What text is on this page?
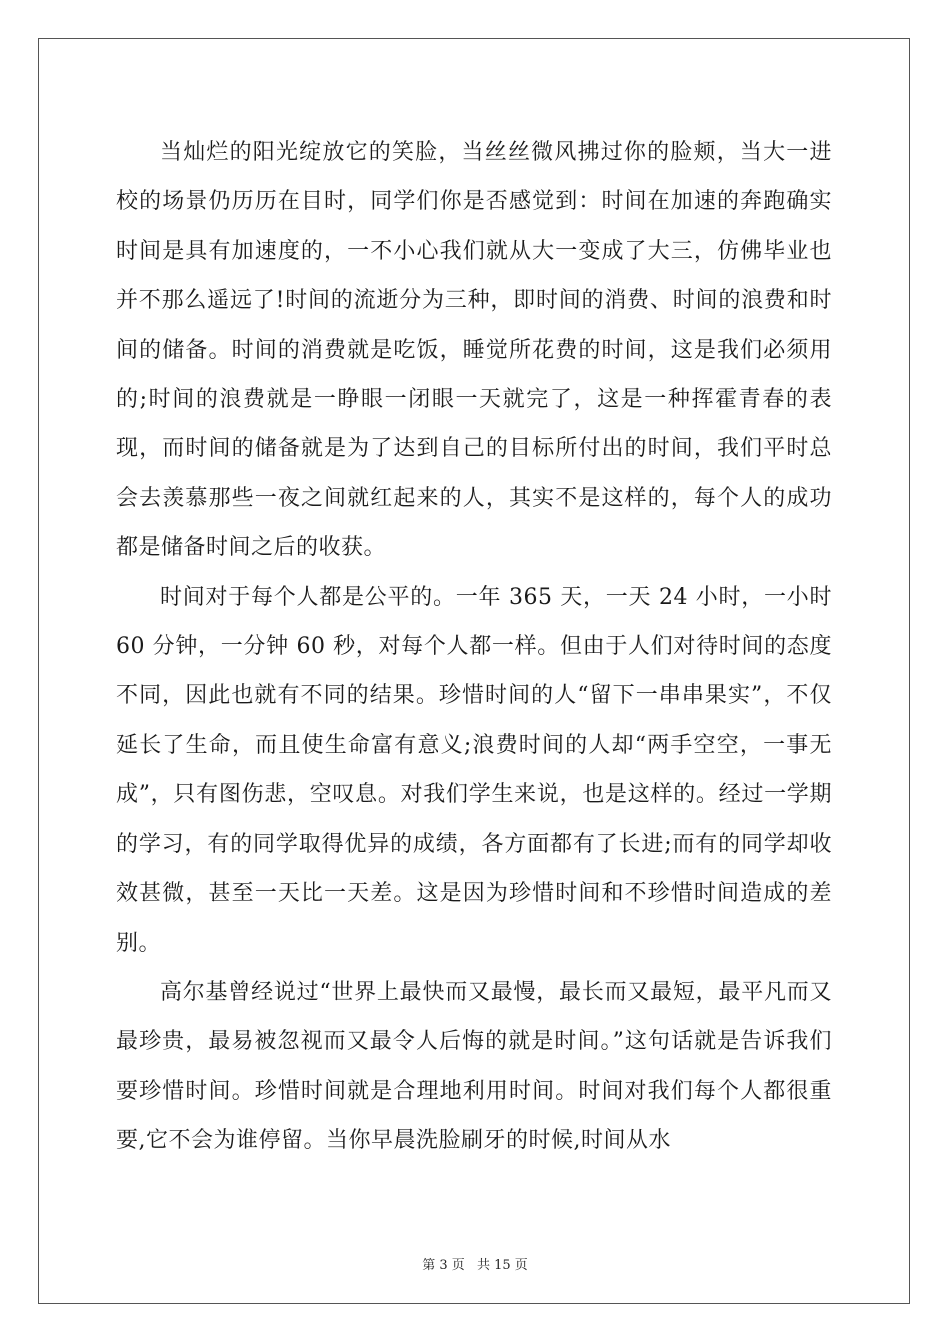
当灿烂的阳光绽放它的笑脸，当丝丝微风拂过你的脸颊，当大一进校的场景仍历历在目时，同学们你是否感觉到：时间在加速的奔跑确实时间是具有加速度的，一不小心我们就从大一变成了大三，仿佛毕业也并不那么遥远了!时间的流逝分为三种，即时间的消费、时间的浪费和时间的储备。时间的消费就是吃饭，睡觉所花费的时间，这是我们必须用的;时间的浪费就是一睁眼一闭眼一天就完了，这是一种挥霍青春的表现，而时间的储备就是为了达到自己的目标所付出的时间，我们平时总会去羡慕那些一夜之间就红起来的人，其实不是这样的，每个人的成功都是储备时间之后的收获。

时间对于每个人都是公平的。一年 365 天，一天 24 小时，一小时 60 分钟，一分钟 60 秒，对每个人都一样。但由于人们对待时间的态度不同，因此也就有不同的结果。珍惜时间的人“留下一串串果实”，不仅延长了生命，而且使生命富有意义;浪费时间的人却“两手空空，一事无成”，只有图伤悲，空叹息。对我们学生来说，也是这样的。经过一学期的学习，有的同学取得优异的成绩，各方面都有了长进;而有的同学却收效甚微，甚至一天比一天差。这是因为珍惜时间和不珍惜时间造成的差别。

高尔基曾经说过“世界上最快而又最慢，最长而又最短，最平凡而又最珍贵，最易被忽视而又最令人后悔的就是时间。”这句话就是告诉我们要珍惜时间。珍惜时间就是合理地利用时间。时间对我们每个人都很重要,它不会为谁停留。当你早晨洗脸刷牙的时候,时间从水

第 3 页 共 15 页
